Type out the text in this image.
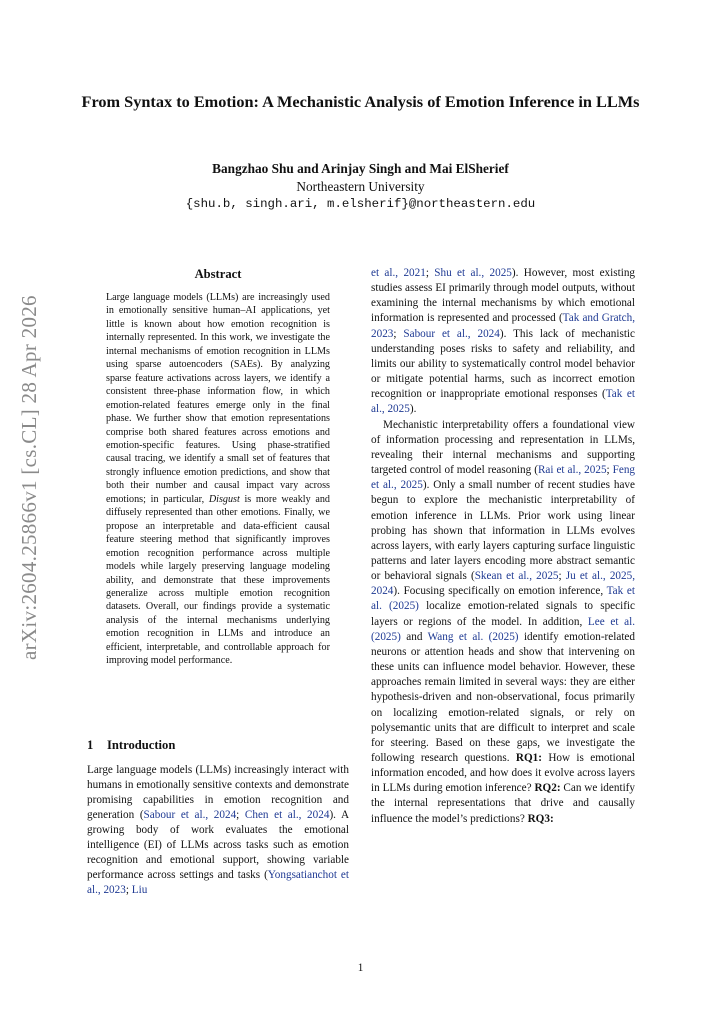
arXiv:2604.25866v1 [cs.CL] 28 Apr 2026
From Syntax to Emotion: A Mechanistic Analysis of Emotion Inference in LLMs
Bangzhao Shu and Arinjay Singh and Mai ElSherief
Northeastern University
{shu.b, singh.ari, m.elsherif}@northeastern.edu
Abstract
Large language models (LLMs) are increasingly used in emotionally sensitive human–AI applications, yet little is known about how emotion recognition is internally represented. In this work, we investigate the internal mechanisms of emotion recognition in LLMs using sparse autoencoders (SAEs). By analyzing sparse feature activations across layers, we identify a consistent three-phase information flow, in which emotion-related features emerge only in the final phase. We further show that emotion representations comprise both shared features across emotions and emotion-specific features. Using phase-stratified causal tracing, we identify a small set of features that strongly influence emotion predictions, and show that both their number and causal impact vary across emotions; in particular, Disgust is more weakly and diffusely represented than other emotions. Finally, we propose an interpretable and data-efficient causal feature steering method that significantly improves emotion recognition performance across multiple models while largely preserving language modeling ability, and demonstrate that these improvements generalize across multiple emotion recognition datasets. Overall, our findings provide a systematic analysis of the internal mechanisms underlying emotion recognition in LLMs and introduce an efficient, interpretable, and controllable approach for improving model performance.
1 Introduction
Large language models (LLMs) increasingly interact with humans in emotionally sensitive contexts and demonstrate promising capabilities in emotion recognition and generation (Sabour et al., 2024; Chen et al., 2024). A growing body of work evaluates the emotional intelligence (EI) of LLMs across tasks such as emotion recognition and emotional support, showing variable performance across settings and tasks (Yongsatianchot et al., 2023; Liu

et al., 2021; Shu et al., 2025). However, most existing studies assess EI primarily through model outputs, without examining the internal mechanisms by which emotional information is represented and processed (Tak and Gratch, 2023; Sabour et al., 2024). This lack of mechanistic understanding poses risks to safety and reliability, and limits our ability to systematically control model behavior or mitigate potential harms, such as incorrect emotion recognition or inappropriate emotional responses (Tak et al., 2025).

Mechanistic interpretability offers a foundational view of information processing and representation in LLMs, revealing their internal mechanisms and supporting targeted control of model reasoning (Rai et al., 2025; Feng et al., 2025). Only a small number of recent studies have begun to explore the mechanistic interpretability of emotion inference in LLMs. Prior work using linear probing has shown that information in LLMs evolves across layers, with early layers capturing surface linguistic patterns and later layers encoding more abstract semantic or behavioral signals (Skean et al., 2025; Ju et al., 2025, 2024). Focusing specifically on emotion inference, Tak et al. (2025) localize emotion-related signals to specific layers or regions of the model. In addition, Lee et al. (2025) and Wang et al. (2025) identify emotion-related neurons or attention heads and show that intervening on these units can influence model behavior. However, these approaches remain limited in several ways: they are either hypothesis-driven and non-observational, focus primarily on localizing emotion-related signals, or rely on polysemantic units that are difficult to interpret and scale for steering. Based on these gaps, we investigate the following research questions. RQ1: How is emotional information encoded, and how does it evolve across layers in LLMs during emotion inference? RQ2: Can we identify the internal representations that drive and causally influence the model’s predictions? RQ3:

1
